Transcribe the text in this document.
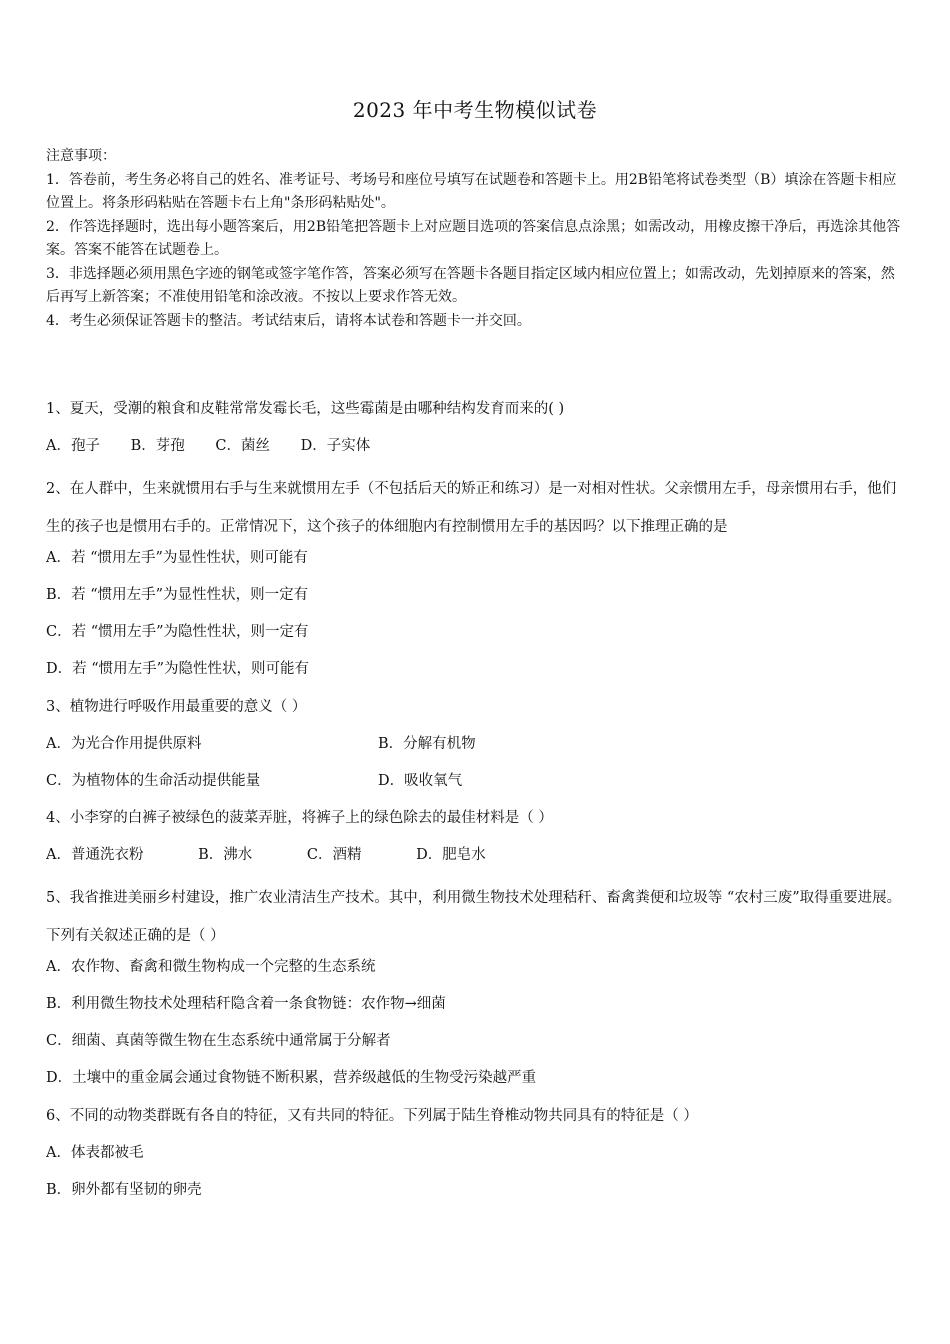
2023 年中考生物模似试卷

注意事项：

1．答卷前，考生务必将自己的姓名、准考证号、考场号和座位号填写在试题卷和答题卡上。用2B铅笔将试卷类型（B）填涂在答题卡相应位置上。将条形码粘贴在答题卡右上角"条形码粘贴处"。

2．作答选择题时，选出每小题答案后，用2B铅笔把答题卡上对应题目选项的答案信息点涂黑；如需改动，用橡皮擦干净后，再选涂其他答案。答案不能答在试题卷上。

3．非选择题必须用黑色字迹的钢笔或签字笔作答，答案必须写在答题卡各题目指定区域内相应位置上；如需改动，先划掉原来的答案，然后再写上新答案；不准使用铅笔和涂改液。不按以上要求作答无效。

4．考生必须保证答题卡的整洁。考试结束后，请将本试卷和答题卡一并交回。

1、夏天，受潮的粮食和皮鞋常常发霉长毛，这些霉菌是由哪种结构发育而来的( )
A．孢子 B．芽孢 C．菌丝 D．子实体
2、在人群中，生来就惯用右手与生来就惯用左手（不包括后天的矫正和练习）是一对相对性状。父亲惯用左手，母亲惯用右手，他们生的孩子也是惯用右手的。正常情况下，这个孩子的体细胞内有控制惯用左手的基因吗？以下推理正确的是
A．若 “惯用左手”为显性性状，则可能有
B．若 “惯用左手”为显性性状，则一定有
C．若 “惯用左手”为隐性性状，则一定有
D．若 “惯用左手”为隐性性状，则可能有
3、植物进行呼吸作用最重要的意义（ ）
A．为光合作用提供原料	B．分解有机物
C．为植物体的生命活动提供能量	D．吸收氧气
4、小李穿的白裤子被绿色的菠菜弄脏，将裤子上的绿色除去的最佳材料是（ ）
A．普通洗衣粉	B．沸水	C．酒精	D．肥皂水
5、我省推进美丽乡村建设，推广农业清洁生产技术。其中，利用微生物技术处理秸秆、畜禽粪便和垃圾等 “农村三废”取得重要进展。下列有关叙述正确的是（ ）
A．农作物、畜禽和微生物构成一个完整的生态系统
B．利用微生物技术处理秸秆隐含着一条食物链：农作物→细菌
C．细菌、真菌等微生物在生态系统中通常属于分解者
D．土壤中的重金属会通过食物链不断积累，营养级越低的生物受污染越严重
6、不同的动物类群既有各自的特征，又有共同的特征。下列属于陆生脊椎动物共同具有的特征是（ ）
A．体表都被毛
B．卵外都有坚韧的卵壳
